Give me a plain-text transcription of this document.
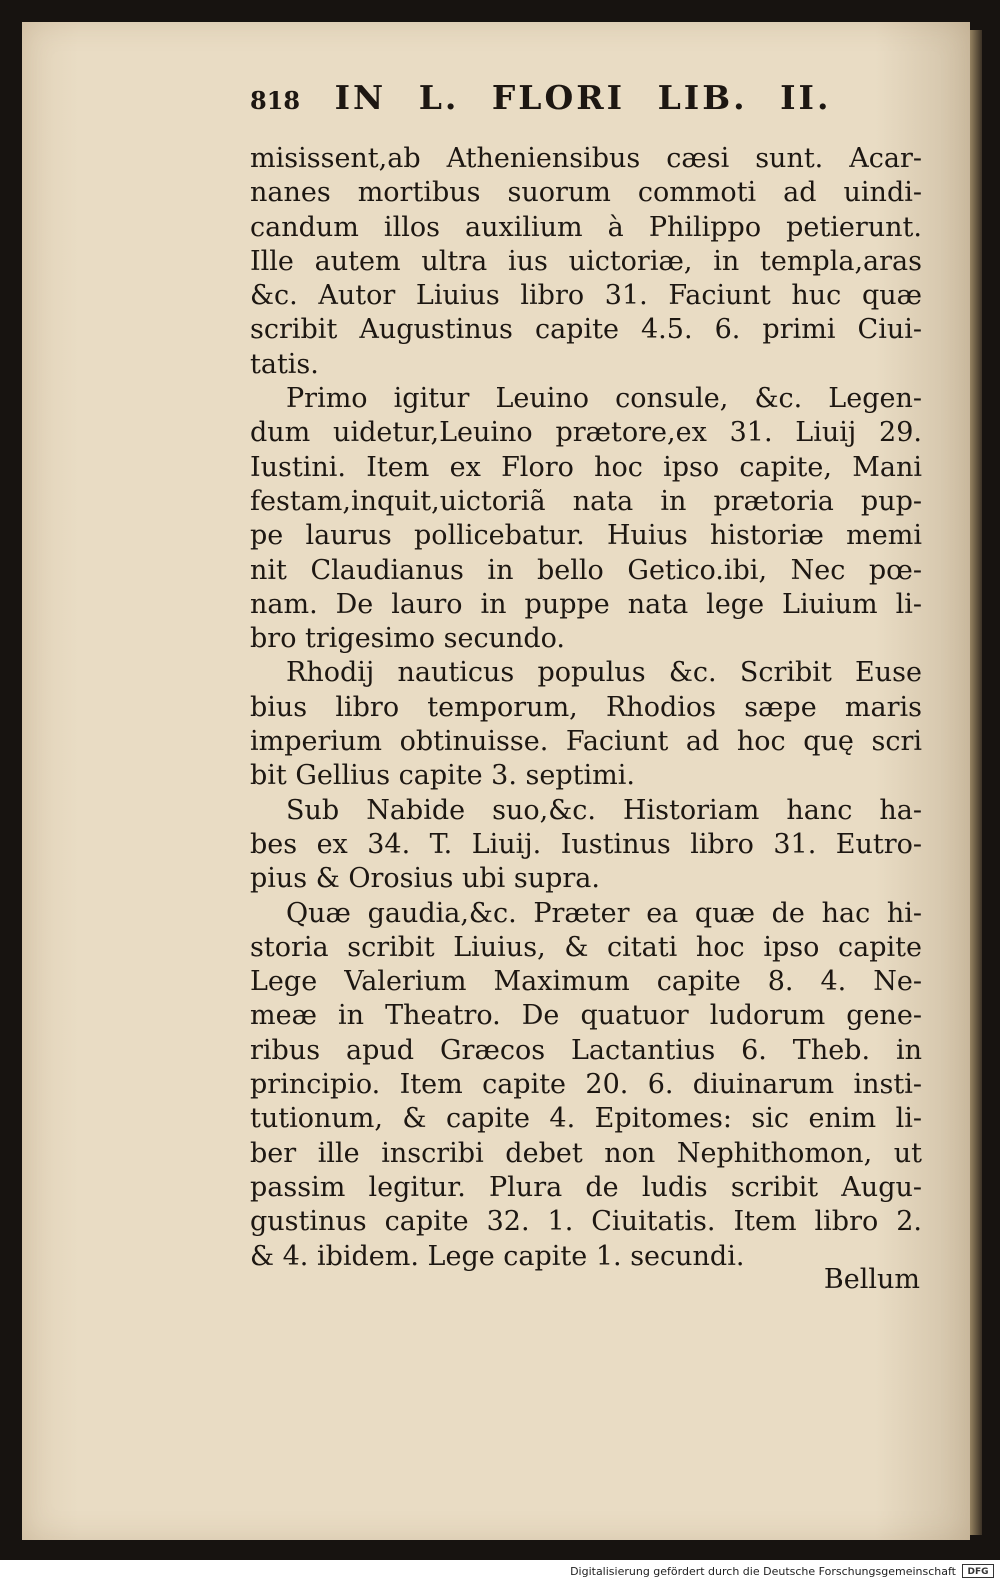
818 IN L. FLORI LIB. II.
misissent,ab Atheniensibus cæsi sunt. Acar-
nanes mortibus suorum commoti ad uindi-
candum illos auxilium à Philippo petierunt.
Ille autem ultra ius uictoriæ, in templa,aras
&c. Autor Liuius libro 31. Faciunt huc quæ
scribit Augustinus capite 4.5. 6. primi Ciui-
tatis.
Primo igitur Leuino consule, &c. Legen-
dum uidetur,Leuino prætore,ex 31. Liuij 29.
Iustini. Item ex Floro hoc ipso capite, Mani
festam,inquit,uictoriã nata in prætoria pup-
pe laurus pollicebatur. Huius historiæ memi
nit Claudianus in bello Getico.ibi, Nec pœ-
nam. De lauro in puppe nata lege Liuium li-
bro trigesimo secundo.
Rhodij nauticus populus &c. Scribit Euse
bius libro temporum, Rhodios sæpe maris
imperium obtinuisse. Faciunt ad hoc quę scri
bit Gellius capite 3. septimi.
Sub Nabide suo,&c. Historiam hanc ha-
bes ex 34. T. Liuij. Iustinus libro 31. Eutro-
pius & Orosius ubi supra.
Quæ gaudia,&c. Præter ea quæ de hac hi-
storia scribit Liuius, & citati hoc ipso capite
Lege Valerium Maximum capite 8. 4. Ne-
meæ in Theatro. De quatuor ludorum gene-
ribus apud Græcos Lactantius 6. Theb. in
principio. Item capite 20. 6. diuinarum insti-
tutionum, & capite 4. Epitomes: sic enim li-
ber ille inscribi debet non Nephithomon, ut
passim legitur. Plura de ludis scribit Augu-
gustinus capite 32. 1. Ciuitatis. Item libro 2.
& 4. ibidem. Lege capite 1. secundi.
Bellum
Digitalisierung gefördert durch die Deutsche Forschungsgemeinschaft	DFG
